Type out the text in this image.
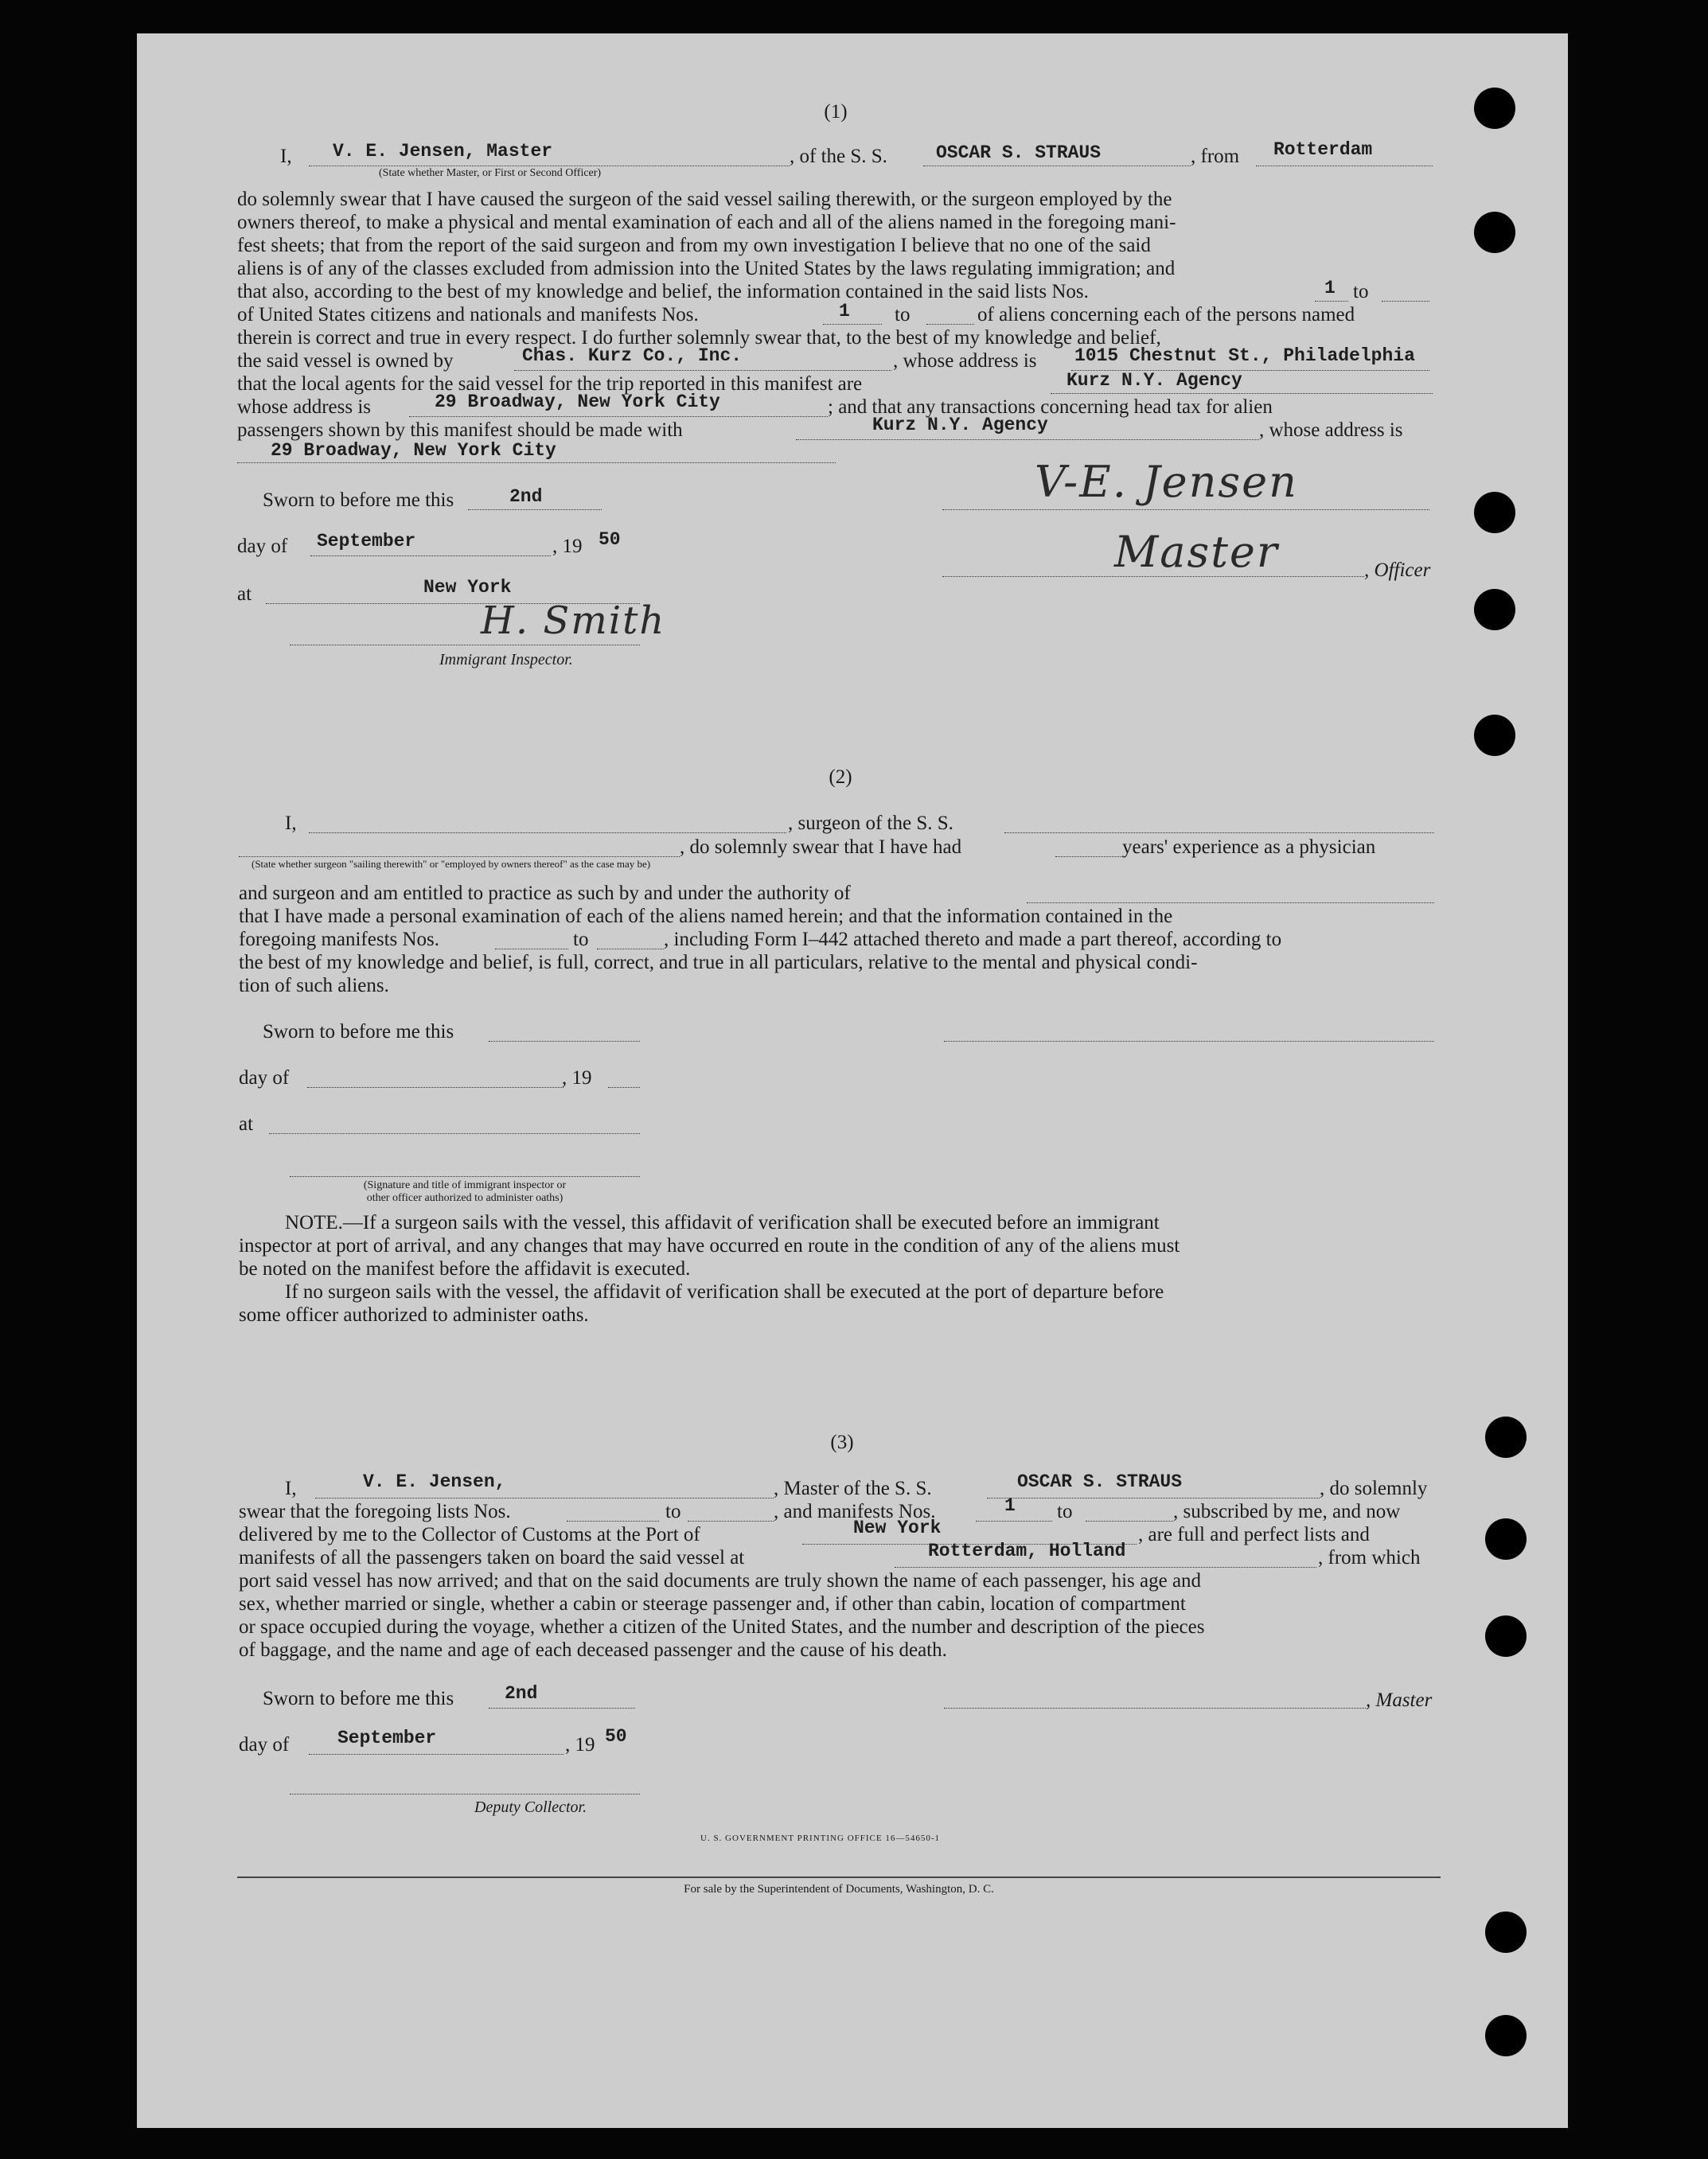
(1)
I, V. E. Jensen, Master	, of the S. S.	OSCAR S. STRAUS	, from Rotterdam
(State whether Master, or First or Second Officer)
do solemnly swear that I have caused the surgeon of the said vessel sailing therewith, or the surgeon employed by the
owners thereof, to make a physical and mental examination of each and all of the aliens named in the foregoing mani-
fest sheets; that from the report of the said surgeon and from my own investigation I believe that no one of the said
aliens is of any of the classes excluded from admission into the United States by the laws regulating immigration; and
that also, according to the best of my knowledge and belief, the information contained in the said lists Nos.	1 to
of United States citizens and nationals and manifests Nos.	1 to	of aliens concerning each of the persons named
therein is correct and true in every respect. I do further solemnly swear that, to the best of my knowledge and belief,
the said vessel is owned by	Chas. Kurz Co., Inc.	, whose address is 1015 Chestnut St., Philadelphia
that the local agents for the said vessel for the trip reported in this manifest are	Kurz N.Y. Agency
whose address is	29 Broadway, New York City	; and that any transactions concerning head tax for alien
passengers shown by this manifest should be made with	Kurz N.Y. Agency	, whose address is
29 Broadway, New York City
Sworn to before me this	2nd	V-E. Jensen
day of September	, 19 50	Master	, Officer
at	New York
H. Smith
Immigrant Inspector.
(2)
I,	, surgeon of the S. S.
, do solemnly swear that I have had	years' experience as a physician
(State whether surgeon "sailing therewith" or "employed by owners thereof" as the case may be)
and surgeon and am entitled to practice as such by and under the authority of
that I have made a personal examination of each of the aliens named herein; and that the information contained in the
foregoing manifests Nos.	to	, including Form I–442 attached thereto and made a part thereof, according to
the best of my knowledge and belief, is full, correct, and true in all particulars, relative to the mental and physical condi-
tion of such aliens.
Sworn to before me this
day of	, 19
at
(Signature and title of immigrant inspector or
other officer authorized to administer oaths)
NOTE.—If a surgeon sails with the vessel, this affidavit of verification shall be executed before an immigrant
inspector at port of arrival, and any changes that may have occurred en route in the condition of any of the aliens must
be noted on the manifest before the affidavit is executed.
If no surgeon sails with the vessel, the affidavit of verification shall be executed at the port of departure before
some officer authorized to administer oaths.
(3)
I,	V. E. Jensen,	, Master of the S. S.	OSCAR S. STRAUS	, do solemnly
swear that the foregoing lists Nos.	to	, and manifests Nos.	1 to	, subscribed by me, and now
delivered by me to the Collector of Customs at the Port of	New York	, are full and perfect lists and
manifests of all the passengers taken on board the said vessel at	Rotterdam, Holland	, from which
port said vessel has now arrived; and that on the said documents are truly shown the name of each passenger, his age and
sex, whether married or single, whether a cabin or steerage passenger and, if other than cabin, location of compartment
or space occupied during the voyage, whether a citizen of the United States, and the number and description of the pieces
of baggage, and the name and age of each deceased passenger and the cause of his death.
Sworn to before me this	2nd	, Master
day of	September	, 19 50
Deputy Collector.
U. S. GOVERNMENT PRINTING OFFICE 16—54650-1
For sale by the Superintendent of Documents, Washington, D. C.
